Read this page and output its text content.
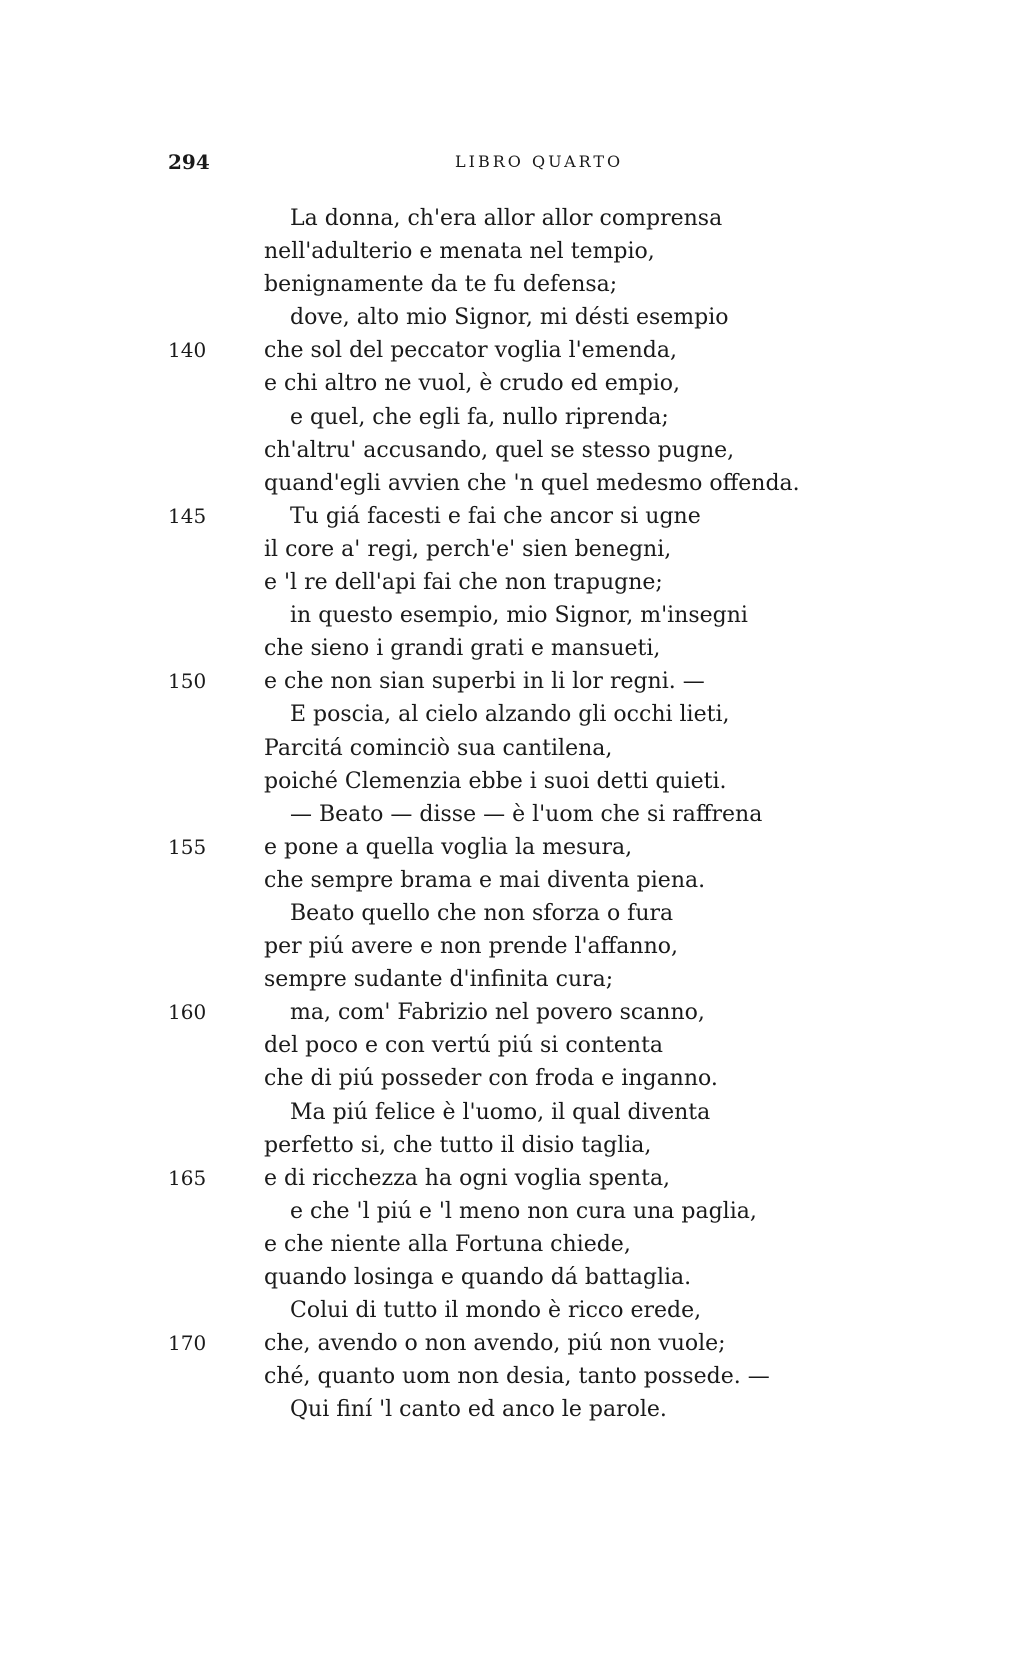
294	LIBRO QUARTO
La donna, ch'era allor allor comprensa
nell'adulterio e menata nel tempio,
benignamente da te fu defensa;
dove, alto mio Signor, mi désti esempio
140	che sol del peccator voglia l'emenda,
e chi altro ne vuol, è crudo ed empio,
e quel, che egli fa, nullo riprenda;
ch'altru' accusando, quel se stesso pugne,
quand'egli avvien che 'n quel medesmo offenda.
145	Tu giá facesti e fai che ancor si ugne
il core a' regi, perch'e' sien benegni,
e 'l re dell'api fai che non trapugne;
in questo esempio, mio Signor, m'insegni
che sieno i grandi grati e mansueti,
150	e che non sian superbi in li lor regni. —
E poscia, al cielo alzando gli occhi lieti,
Parcitá cominciò sua cantilena,
poiché Clemenzia ebbe i suoi detti quieti.
— Beato — disse — è l'uom che si raffrena
155	e pone a quella voglia la mesura,
che sempre brama e mai diventa piena.
Beato quello che non sforza o fura
per piú avere e non prende l'affanno,
sempre sudante d'infinita cura;
160	ma, com' Fabrizio nel povero scanno,
del poco e con vertú piú si contenta
che di piú posseder con froda e inganno.
Ma piú felice è l'uomo, il qual diventa
perfetto si, che tutto il disio taglia,
165	e di ricchezza ha ogni voglia spenta,
e che 'l piú e 'l meno non cura una paglia,
e che niente alla Fortuna chiede,
quando losinga e quando dá battaglia.
Colui di tutto il mondo è ricco erede,
170	che, avendo o non avendo, piú non vuole;
ché, quanto uom non desia, tanto possede. —
Qui finí 'l canto ed anco le parole.
